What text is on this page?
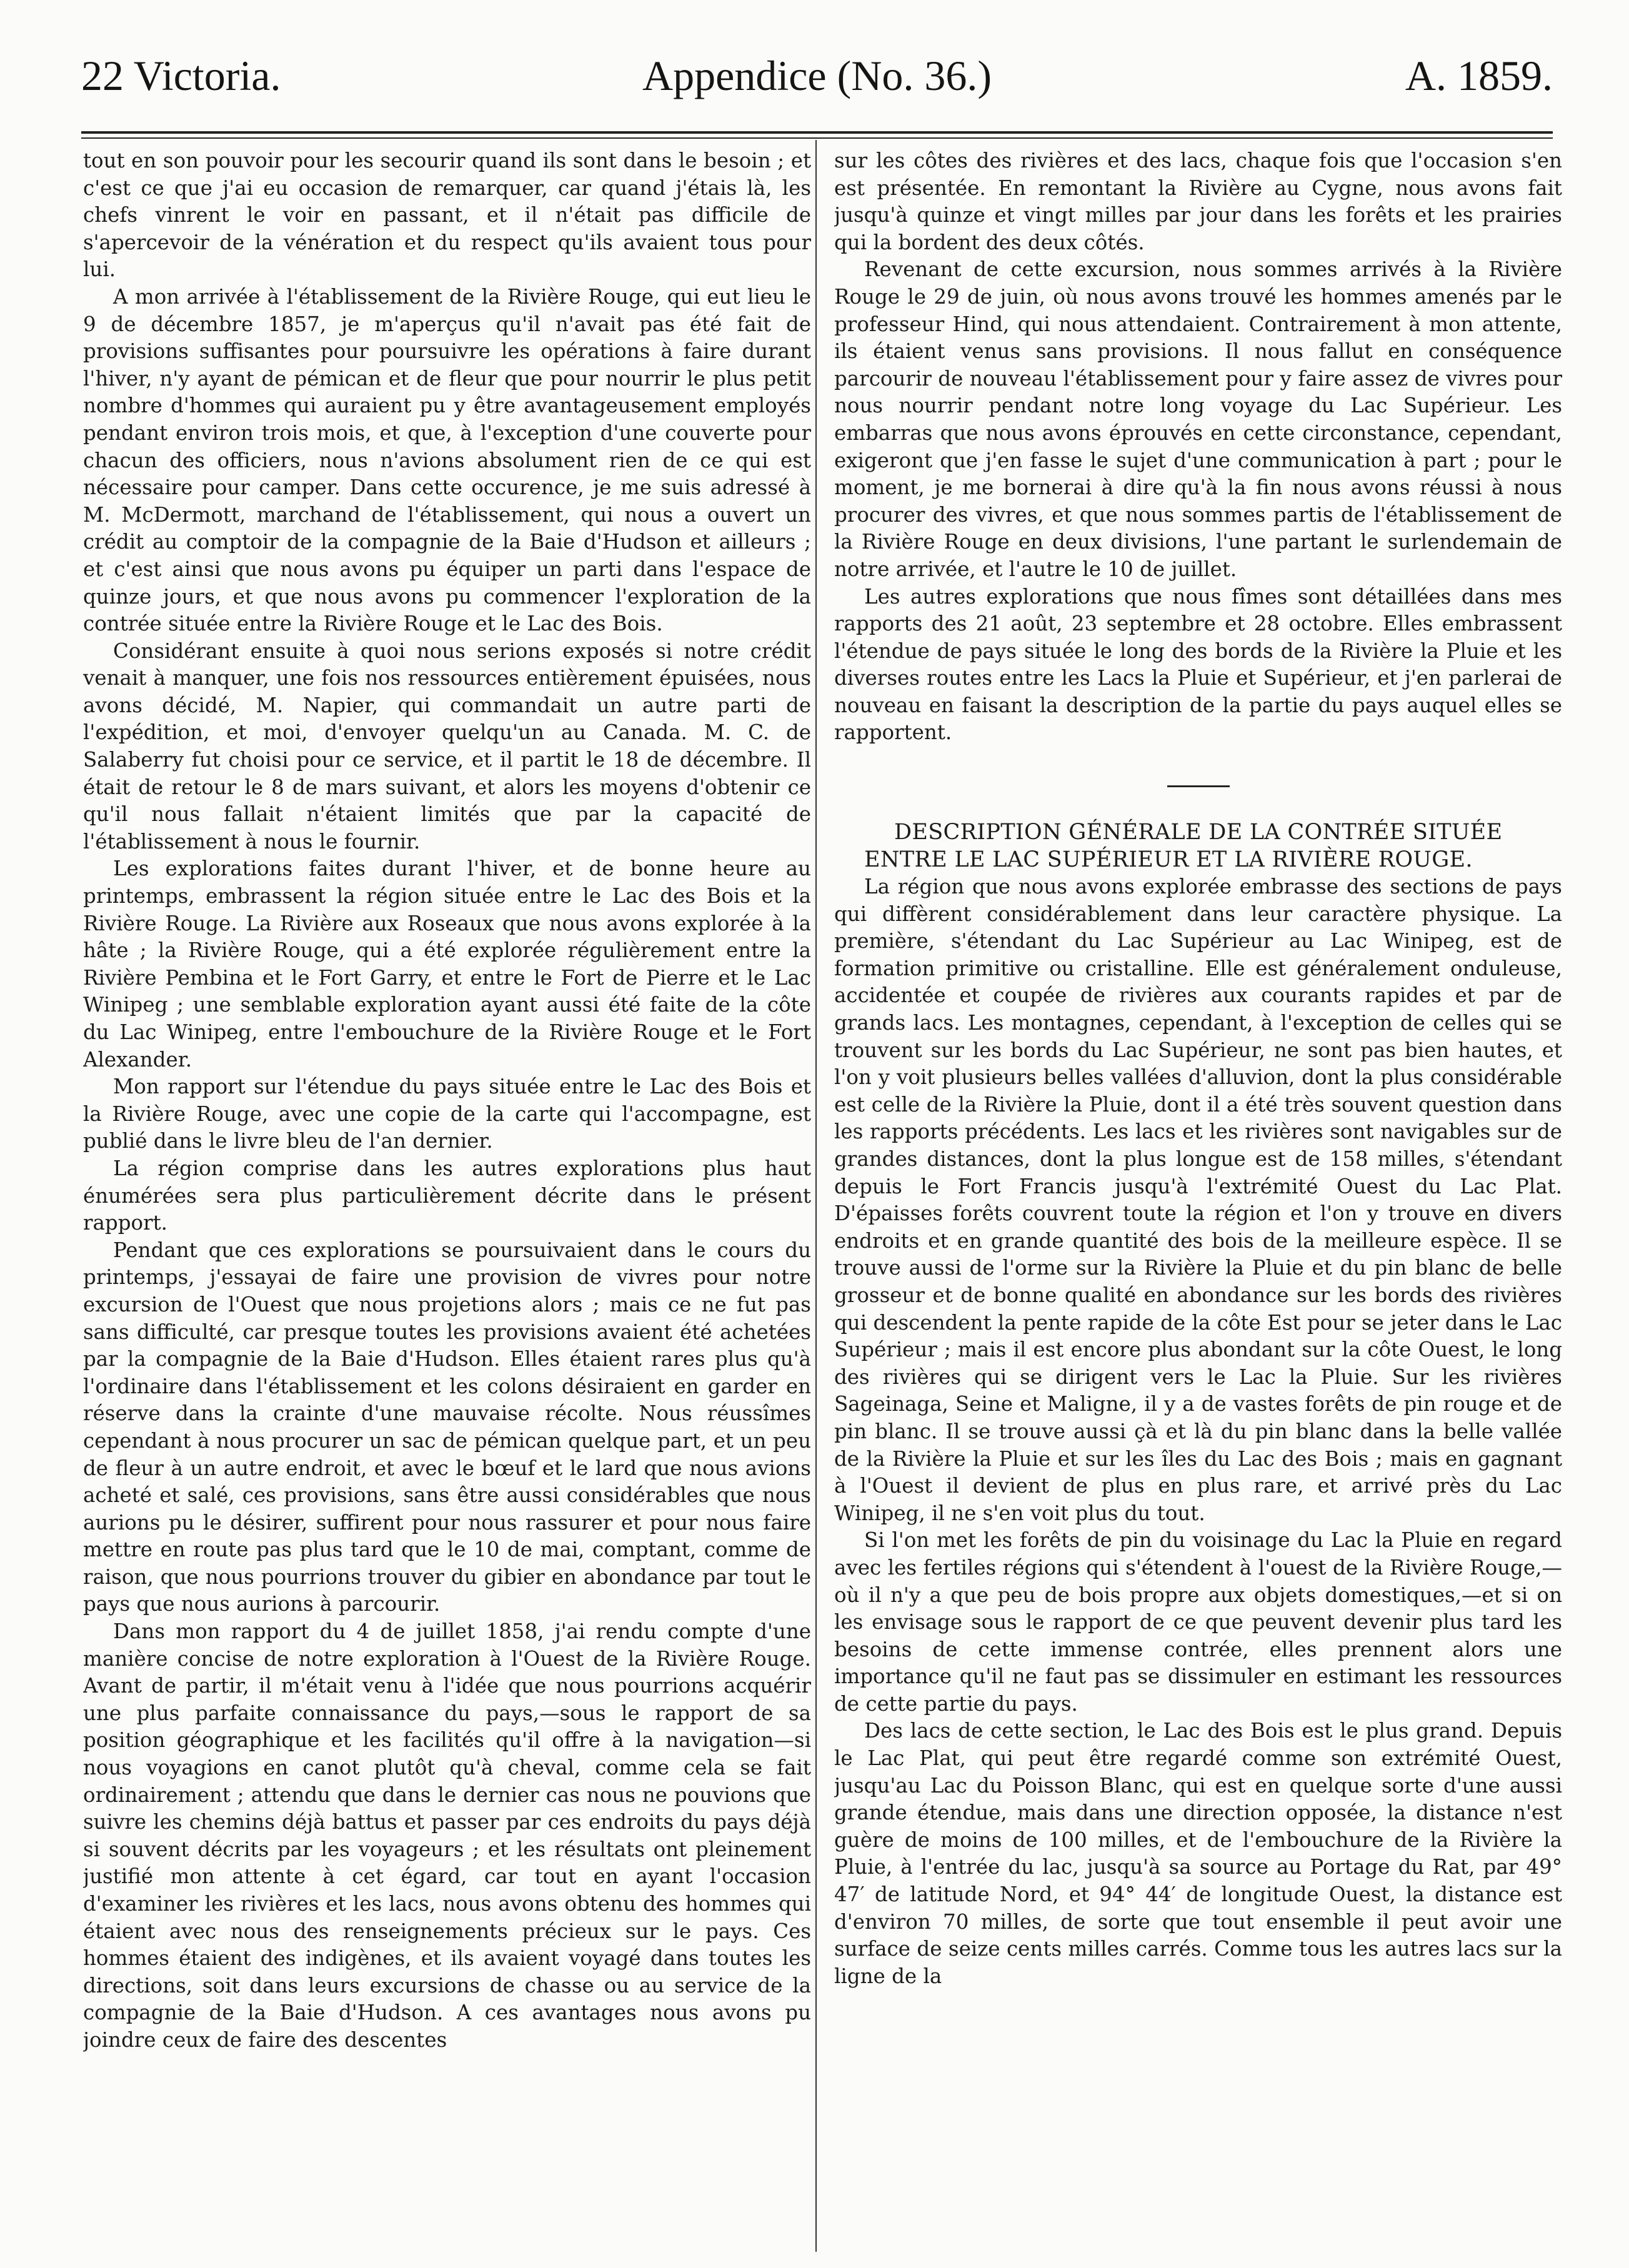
22 Victoria.	Appendice (No. 36.)	A. 1859.

tout en son pouvoir pour les secourir quand ils sont dans le besoin ; et c'est ce que j'ai eu occasion de remarquer, car quand j'étais là, les chefs vinrent le voir en passant, et il n'était pas difficile de s'apercevoir de la vénération et du respect qu'ils avaient tous pour lui.

A mon arrivée à l'établissement de la Rivière Rouge, qui eut lieu le 9 de décembre 1857, je m'aperçus qu'il n'avait pas été fait de provisions suffisantes pour poursuivre les opérations à faire durant l'hiver, n'y ayant de pémican et de fleur que pour nourrir le plus petit nombre d'hommes qui auraient pu y être avantageusement employés pendant environ trois mois, et que, à l'exception d'une couverte pour chacun des officiers, nous n'avions absolument rien de ce qui est nécessaire pour camper. Dans cette occurence, je me suis adressé à M. McDermott, marchand de l'établissement, qui nous a ouvert un crédit au comptoir de la compagnie de la Baie d'Hudson et ailleurs ; et c'est ainsi que nous avons pu équiper un parti dans l'espace de quinze jours, et que nous avons pu commencer l'exploration de la contrée située entre la Rivière Rouge et le Lac des Bois.

Considérant ensuite à quoi nous serions exposés si notre crédit venait à manquer, une fois nos ressources entièrement épuisées, nous avons décidé, M. Napier, qui commandait un autre parti de l'expédition, et moi, d'envoyer quelqu'un au Canada. M. C. de Salaberry fut choisi pour ce service, et il partit le 18 de décembre. Il était de retour le 8 de mars suivant, et alors les moyens d'obtenir ce qu'il nous fallait n'étaient limités que par la capacité de l'établissement à nous le fournir.

Les explorations faites durant l'hiver, et de bonne heure au printemps, embrassent la région située entre le Lac des Bois et la Rivière Rouge. La Rivière aux Roseaux que nous avons explorée à la hâte ; la Rivière Rouge, qui a été explorée régulièrement entre la Rivière Pembina et le Fort Garry, et entre le Fort de Pierre et le Lac Winipeg ; une semblable exploration ayant aussi été faite de la côte du Lac Winipeg, entre l'embouchure de la Rivière Rouge et le Fort Alexander.

Mon rapport sur l'étendue du pays située entre le Lac des Bois et la Rivière Rouge, avec une copie de la carte qui l'accompagne, est publié dans le livre bleu de l'an dernier.

La région comprise dans les autres explorations plus haut énumérées sera plus particulièrement décrite dans le présent rapport.

Pendant que ces explorations se poursuivaient dans le cours du printemps, j'essayai de faire une provision de vivres pour notre excursion de l'Ouest que nous projetions alors ; mais ce ne fut pas sans difficulté, car presque toutes les provisions avaient été achetées par la compagnie de la Baie d'Hudson. Elles étaient rares plus qu'à l'ordinaire dans l'établissement et les colons désiraient en garder en réserve dans la crainte d'une mauvaise récolte. Nous réussîmes cependant à nous procurer un sac de pémican quelque part, et un peu de fleur à un autre endroit, et avec le bœuf et le lard que nous avions acheté et salé, ces provisions, sans être aussi considérables que nous aurions pu le désirer, suffirent pour nous rassurer et pour nous faire mettre en route pas plus tard que le 10 de mai, comptant, comme de raison, que nous pourrions trouver du gibier en abondance par tout le pays que nous aurions à parcourir.

Dans mon rapport du 4 de juillet 1858, j'ai rendu compte d'une manière concise de notre exploration à l'Ouest de la Rivière Rouge. Avant de partir, il m'était venu à l'idée que nous pourrions acquérir une plus parfaite connaissance du pays,—sous le rapport de sa position géographique et les facilités qu'il offre à la navigation—si nous voyagions en canot plutôt qu'à cheval, comme cela se fait ordinairement ; attendu que dans le dernier cas nous ne pouvions que suivre les chemins déjà battus et passer par ces endroits du pays déjà si souvent décrits par les voyageurs ; et les résultats ont pleinement justifié mon attente à cet égard, car tout en ayant l'occasion d'examiner les rivières et les lacs, nous avons obtenu des hommes qui étaient avec nous des renseignements précieux sur le pays. Ces hommes étaient des indigènes, et ils avaient voyagé dans toutes les directions, soit dans leurs excursions de chasse ou au service de la compagnie de la Baie d'Hudson. A ces avantages nous avons pu joindre ceux de faire des descentes

sur les côtes des rivières et des lacs, chaque fois que l'occasion s'en est présentée. En remontant la Rivière au Cygne, nous avons fait jusqu'à quinze et vingt milles par jour dans les forêts et les prairies qui la bordent des deux côtés.

Revenant de cette excursion, nous sommes arrivés à la Rivière Rouge le 29 de juin, où nous avons trouvé les hommes amenés par le professeur Hind, qui nous attendaient. Contrairement à mon attente, ils étaient venus sans provisions. Il nous fallut en conséquence parcourir de nouveau l'établissement pour y faire assez de vivres pour nous nourrir pendant notre long voyage du Lac Supérieur. Les embarras que nous avons éprouvés en cette circonstance, cependant, exigeront que j'en fasse le sujet d'une communication à part ; pour le moment, je me bornerai à dire qu'à la fin nous avons réussi à nous procurer des vivres, et que nous sommes partis de l'établissement de la Rivière Rouge en deux divisions, l'une partant le surlendemain de notre arrivée, et l'autre le 10 de juillet.

Les autres explorations que nous fîmes sont détaillées dans mes rapports des 21 août, 23 septembre et 28 octobre. Elles embrassent l'étendue de pays située le long des bords de la Rivière la Pluie et les diverses routes entre les Lacs la Pluie et Supérieur, et j'en parlerai de nouveau en faisant la description de la partie du pays auquel elles se rapportent.

DESCRIPTION GÉNÉRALE DE LA CONTRÉE SITUÉE ENTRE LE LAC SUPÉRIEUR ET LA RIVIÈRE ROUGE.

La région que nous avons explorée embrasse des sections de pays qui diffèrent considérablement dans leur caractère physique. La première, s'étendant du Lac Supérieur au Lac Winipeg, est de formation primitive ou cristalline. Elle est généralement onduleuse, accidentée et coupée de rivières aux courants rapides et par de grands lacs. Les montagnes, cependant, à l'exception de celles qui se trouvent sur les bords du Lac Supérieur, ne sont pas bien hautes, et l'on y voit plusieurs belles vallées d'alluvion, dont la plus considérable est celle de la Rivière la Pluie, dont il a été très souvent question dans les rapports précédents. Les lacs et les rivières sont navigables sur de grandes distances, dont la plus longue est de 158 milles, s'étendant depuis le Fort Francis jusqu'à l'extrémité Ouest du Lac Plat. D'épaisses forêts couvrent toute la région et l'on y trouve en divers endroits et en grande quantité des bois de la meilleure espèce. Il se trouve aussi de l'orme sur la Rivière la Pluie et du pin blanc de belle grosseur et de bonne qualité en abondance sur les bords des rivières qui descendent la pente rapide de la côte Est pour se jeter dans le Lac Supérieur ; mais il est encore plus abondant sur la côte Ouest, le long des rivières qui se dirigent vers le Lac la Pluie. Sur les rivières Sageinaga, Seine et Maligne, il y a de vastes forêts de pin rouge et de pin blanc. Il se trouve aussi çà et là du pin blanc dans la belle vallée de la Rivière la Pluie et sur les îles du Lac des Bois ; mais en gagnant à l'Ouest il devient de plus en plus rare, et arrivé près du Lac Winipeg, il ne s'en voit plus du tout.

Si l'on met les forêts de pin du voisinage du Lac la Pluie en regard avec les fertiles régions qui s'étendent à l'ouest de la Rivière Rouge,—où il n'y a que peu de bois propre aux objets domestiques,—et si on les envisage sous le rapport de ce que peuvent devenir plus tard les besoins de cette immense contrée, elles prennent alors une importance qu'il ne faut pas se dissimuler en estimant les ressources de cette partie du pays.

Des lacs de cette section, le Lac des Bois est le plus grand. Depuis le Lac Plat, qui peut être regardé comme son extrémité Ouest, jusqu'au Lac du Poisson Blanc, qui est en quelque sorte d'une aussi grande étendue, mais dans une direction opposée, la distance n'est guère de moins de 100 milles, et de l'embouchure de la Rivière la Pluie, à l'entrée du lac, jusqu'à sa source au Portage du Rat, par 49° 47′ de latitude Nord, et 94° 44′ de longitude Ouest, la distance est d'environ 70 milles, de sorte que tout ensemble il peut avoir une surface de seize cents milles carrés. Comme tous les autres lacs sur la ligne de la
